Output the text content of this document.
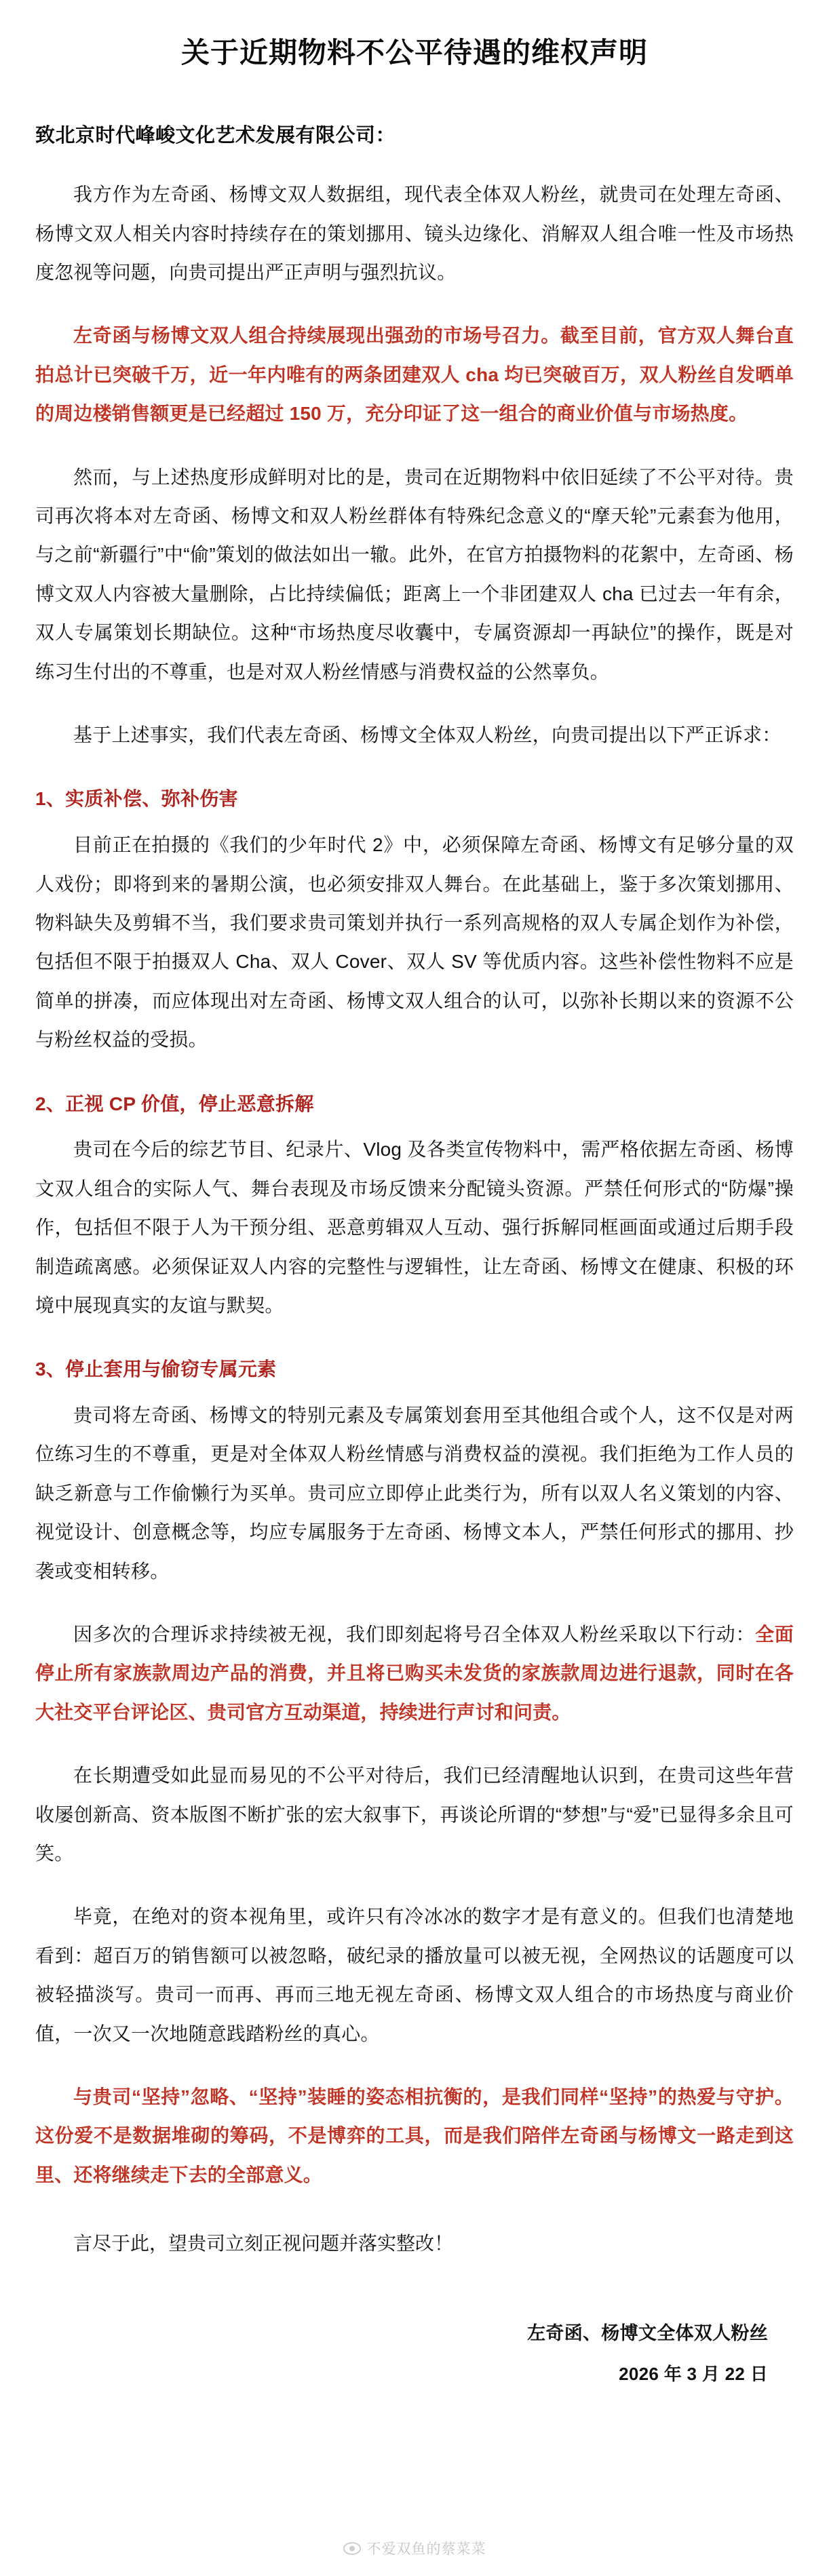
关于近期物料不公平待遇的维权声明
致北京时代峰峻文化艺术发展有限公司：

我方作为左奇函、杨博文双人数据组，现代表全体双人粉丝，就贵司在处理左奇函、杨博文双人相关内容时持续存在的策划挪用、镜头边缘化、消解双人组合唯一性及市场热度忽视等问题，向贵司提出严正声明与强烈抗议。

左奇函与杨博文双人组合持续展现出强劲的市场号召力。截至目前，官方双人舞台直拍总计已突破千万，近一年内唯有的两条团建双人 cha 均已突破百万，双人粉丝自发晒单的周边楼销售额更是已经超过 150 万，充分印证了这一组合的商业价值与市场热度。

然而，与上述热度形成鲜明对比的是，贵司在近期物料中依旧延续了不公平对待。贵司再次将本对左奇函、杨博文和双人粉丝群体有特殊纪念意义的“摩天轮”元素套为他用，与之前“新疆行”中“偷”策划的做法如出一辙。此外，在官方拍摄物料的花絮中，左奇函、杨博文双人内容被大量删除，占比持续偏低；距离上一个非团建双人 cha 已过去一年有余，双人专属策划长期缺位。这种“市场热度尽收囊中，专属资源却一再缺位”的操作，既是对练习生付出的不尊重，也是对双人粉丝情感与消费权益的公然辜负。

基于上述事实，我们代表左奇函、杨博文全体双人粉丝，向贵司提出以下严正诉求：

1、实质补偿、弥补伤害

目前正在拍摄的《我们的少年时代 2》中，必须保障左奇函、杨博文有足够分量的双人戏份；即将到来的暑期公演，也必须安排双人舞台。在此基础上，鉴于多次策划挪用、物料缺失及剪辑不当，我们要求贵司策划并执行一系列高规格的双人专属企划作为补偿，包括但不限于拍摄双人 Cha、双人 Cover、双人 SV 等优质内容。这些补偿性物料不应是简单的拼凑，而应体现出对左奇函、杨博文双人组合的认可，以弥补长期以来的资源不公与粉丝权益的受损。

2、正视 CP 价值，停止恶意拆解

贵司在今后的综艺节目、纪录片、Vlog 及各类宣传物料中，需严格依据左奇函、杨博文双人组合的实际人气、舞台表现及市场反馈来分配镜头资源。严禁任何形式的“防爆”操作，包括但不限于人为干预分组、恶意剪辑双人互动、强行拆解同框画面或通过后期手段制造疏离感。必须保证双人内容的完整性与逻辑性，让左奇函、杨博文在健康、积极的环境中展现真实的友谊与默契。

3、停止套用与偷窃专属元素

贵司将左奇函、杨博文的特别元素及专属策划套用至其他组合或个人，这不仅是对两位练习生的不尊重，更是对全体双人粉丝情感与消费权益的漠视。我们拒绝为工作人员的缺乏新意与工作偷懒行为买单。贵司应立即停止此类行为，所有以双人名义策划的内容、视觉设计、创意概念等，均应专属服务于左奇函、杨博文本人，严禁任何形式的挪用、抄袭或变相转移。

因多次的合理诉求持续被无视，我们即刻起将号召全体双人粉丝采取以下行动：全面停止所有家族款周边产品的消费，并且将已购买未发货的家族款周边进行退款，同时在各大社交平台评论区、贵司官方互动渠道，持续进行声讨和问责。

在长期遭受如此显而易见的不公平对待后，我们已经清醒地认识到，在贵司这些年营收屡创新高、资本版图不断扩张的宏大叙事下，再谈论所谓的“梦想”与“爱”已显得多余且可笑。

毕竟，在绝对的资本视角里，或许只有冷冰冰的数字才是有意义的。但我们也清楚地看到：超百万的销售额可以被忽略，破纪录的播放量可以被无视，全网热议的话题度可以被轻描淡写。贵司一而再、再而三地无视左奇函、杨博文双人组合的市场热度与商业价值，一次又一次地随意践踏粉丝的真心。

与贵司“坚持”忽略、“坚持”装睡的姿态相抗衡的，是我们同样“坚持”的热爱与守护。这份爱不是数据堆砌的筹码，不是博弈的工具，而是我们陪伴左奇函与杨博文一路走到这里、还将继续走下去的全部意义。

言尽于此，望贵司立刻正视问题并落实整改！

左奇函、杨博文全体双人粉丝
2026 年 3 月 22 日
不爱双鱼的蔡菜菜
